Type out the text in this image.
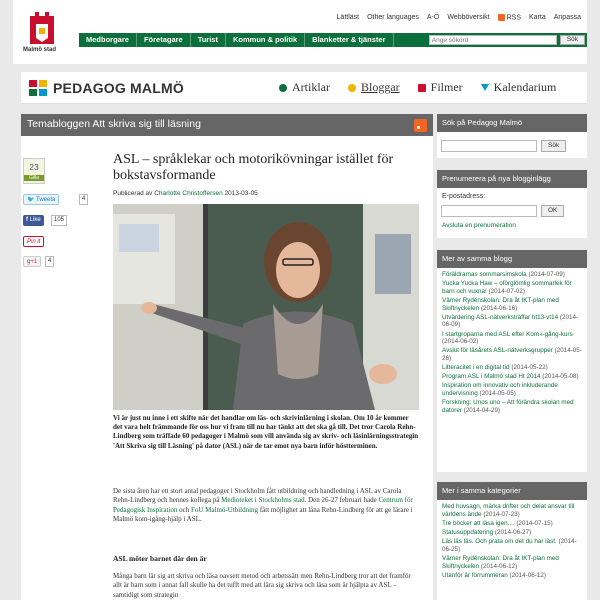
Malmö stad
Lättläst Other languages A-Ö Webböversikt	RSS Karta Anpassa
Medborgare	Företagare	Turist	Kommun & politik	Blanketter & tjänster
Ange sökord	Sök
PEDAGOG MALMÖ	Artiklar	Bloggar	Filmer	Kalendarium
Temabloggen Att skriva sig till läsning
23
Gilla
🐦 Tweeta	4
f Like	105
Pin it
g+1	4
ASL – språklekar och motorikövningar istället för bokstavsformande
Publicerad av Charlotte Christoffersen 2013-03-05
Vi är just nu inne i ett skifte när det handlar om läs- och skrivinlärning i skolan. Om 10 år kommer det vara helt främmande för oss hur vi fram till nu har tänkt att det ska gå till. Det tror Carola Rehn-Lindberg som träffade 60 pedagoger i Malmö som vill använda sig av skriv- och läsinlärningsstrategin 'Att Skriva sig till Läsning' på dator (ASL) när de tar emot nya barn inför höstterminen.
De sista åren har ett stort antal pedagoger i Stockholm fått utbildning och handledning i ASL av Carola Rehn-Lindberg och hennes kollega på Medioteket i Stockholms stad. Den 26-27 februari hade Centrum för Pedagogisk Inspiration och FoU Malmö-Utbildning fått möjlighet att låna Rehn-Lindberg för att ge lärare i Malmö kom-igång-hjälp i ASL.
ASL möter barnet där den är
Många barn lär sig att skriva och läsa oavsett metod och arbetssätt men Rehn-Lindberg tror att det framför allt är barn som i annat fall skulle ha det tufft med att lära sig skriva och läsa som är hjälpta av ASL – samtidigt som strategin
Sök på Pedagog Malmö
Sök
Prenumerera på nya blogginlägg
E-postadress:
OK
Avsluta en prenumeration
Mer av samma blogg
Föräldrarnas sommarsimskola (2014-07-09)
Yucka Yucka Haw – oförglömlig sommarlek för barn och vuxna! (2014-07-02)
Värner Rydénskolan: Dra åt IKT-plan med Skiftnyckelen (2014-06-16)
Utvärdering ASL-nätverksträffar ht13-vt14 (2014-06-09)
I startgroparna med ASL efter Kom-i-gång-kurs (2014-06-02)
Avslut för läsårets ASL-nätverksgrupper (2014-05-26)
Litteracitet i en digital tid (2014-05-22)
Program ASL i Malmö stad Ht 2014 (2014-05-08)
Inspiration om innovativ och inkluderande undervisning (2014-05-05)
Forskning: Unos uno – Att förändra skolan med datorer (2014-04-29)
Mer i samma kategorier
Med huvsagn, märka drifter och delat ansvar till världens ände (2014-07-23)
Tre böcker att läsa igen.... (2014-07-15)
Statusuppdatering (2014-06-27)
Läs läs läs. Och prata om det du har läst. (2014-06-25)
Värner Rydénskolan: Dra åt IKT-plan med Skiftnyckelen (2014-06-12)
Utanför är förrummeran (2014-06-12)
